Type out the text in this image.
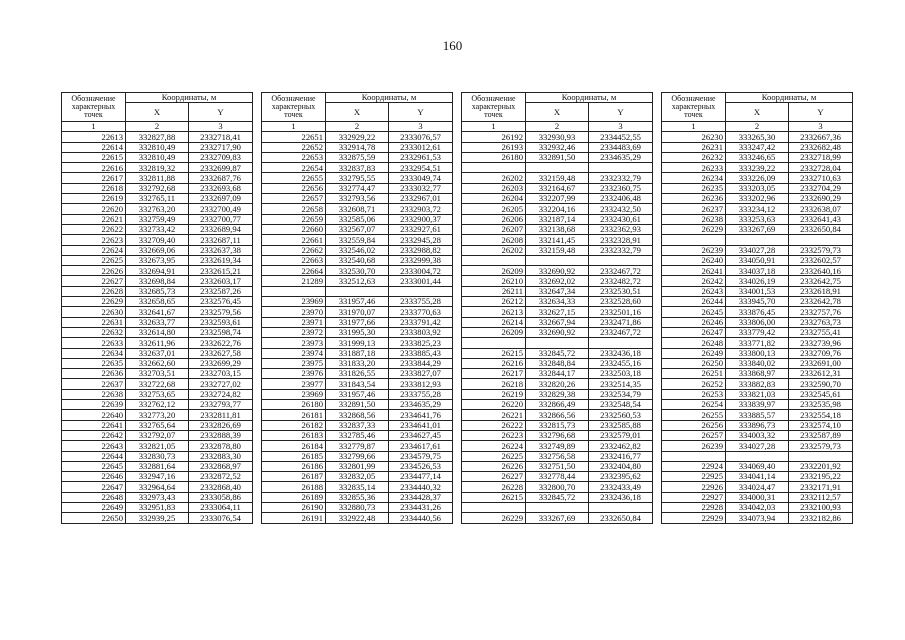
160
Обозначение характерных точек	Координаты, м	
	X	Y
1	2	3
22613	332827,88	2332718,41
22614	332810,49	2332717,90
22615	332810,49	2332709,83
22616	332819,32	2332699,87
22617	332811,88	2332687,76
22618	332792,68	2332693,68
22619	332765,11	2332697,09
22620	332763,20	2332700,49
22621	332759,49	2332700,77
22622	332733,42	2332689,94
22623	332709,40	2332687,11
22624	332669,06	2332637,38
22625	332673,95	2332619,34
22626	332694,91	2332615,21
22627	332698,84	2332603,17
22628	332685,73	2332587,26
22629	332658,65	2332576,45
22630	332641,67	2332579,56
22631	332633,77	2332593,61
22632	332614,80	2332598,74
22633	332611,96	2332622,76
22634	332637,01	2332627,58
22635	332662,60	2332699,29
22636	332703,51	2332703,15
22637	332722,68	2332727,02
22638	332753,65	2332724,82
22639	332762,12	2332793,77
22640	332773,20	2332811,81
22641	332765,64	2332826,69
22642	332792,07	2332888,39
22643	332821,05	2332878,80
22644	332830,73	2332883,30
22645	332881,64	2332868,97
22646	332947,16	2332872,52
22647	332964,64	2332868,40
22648	332973,43	2333058,86
22649	332951,83	2333064,11
22650	332939,25	2333076,54
Обозначение характерных точек	Координаты, м	
	X	Y
1	2	3
22651	332929,22	2333076,57
22652	332914,78	2333012,61
22653	332875,59	2332961,53
22654	332837,83	2332954,51
22655	332795,55	2333049,74
22656	332774,47	2333032,77
22657	332793,56	2332967,01
22658	332608,71	2332903,72
22659	332585,06	2332900,37
22660	332567,07	2332927,61
22661	332559,84	2332945,28
22662	332546,02	2332988,82
22663	332540,68	2332999,38
22664	332530,70	2333004,72
21289	332512,63	2333001,44

23969	331957,46	2333755,28
23970	331970,07	2333770,63
23971	331977,66	2333791,42
23972	331995,30	2333803,92
23973	331999,13	2333825,23
23974	331887,18	2333885,43
23975	331833,20	2333844,29
23976	331826,55	2333827,07
23977	331843,54	2333812,93
23969	331957,46	2333755,28
26180	332891,50	2334635,29
26181	332868,56	2334641,76
26182	332837,33	2334641,01
26183	332785,46	2334627,45
26184	332779,87	2334617,61
26185	332799,66	2334579,75
26186	332801,99	2334526,53
26187	332832,05	2334477,14
26188	332835,14	2334440,32
26189	332855,36	2334428,37
26190	332880,73	2334431,26
26191	332922,48	2334440,56
Обозначение характерных точек	Координаты, м	
	X	Y
1	2	3
26192	332930,93	2334452,55
26193	332932,46	2334483,69
26180	332891,50	2334635,29

26202	332159,48	2332332,79
26203	332164,67	2332360,75
26204	332207,99	2332406,48
26205	332204,16	2332432,50
26206	332187,14	2332430,61
26207	332138,68	2332362,93
26208	332141,45	2332328,91
26202	332159,48	2332332,79

26209	332690,92	2332467,72
26210	332692,02	2332482,72
26211	332647,34	2332530,51
26212	332634,33	2332528,60
26213	332627,15	2332501,16
26214	332667,94	2332471,86
26209	332690,92	2332467,72

26215	332845,72	2332436,18
26216	332848,84	2332455,16
26217	332844,17	2332503,18
26218	332820,26	2332514,35
26219	332829,38	2332534,79
26220	332866,49	2332548,54
26221	332866,56	2332560,53
26222	332815,73	2332585,88
26223	332796,68	2332579,01
26224	332749,89	2332462,82
26225	332756,58	2332416,77
26226	332751,50	2332404,80
26227	332778,44	2332395,62
26228	332800,70	2332433,49
26215	332845,72	2332436,18

26229	333267,69	2332650,84
Обозначение характерных точек	Координаты, м	
	X	Y
1	2	3
26230	333265,30	2332667,36
26231	333247,42	2332682,48
26232	333246,65	2332718,99
26233	333239,22	2332728,04
26234	333226,09	2332710,63
26235	333203,05	2332704,29
26236	333202,96	2332690,29
26237	333234,12	2332638,07
26238	333253,63	2332641,43
26229	333267,69	2332650,84

26239	334027,28	2332579,73
26240	334050,91	2332602,57
26241	334037,18	2332640,16
26242	334026,19	2332642,75
26243	334001,53	2332618,91
26244	333945,70	2332642,78
26245	333876,45	2332757,76
26246	333806,00	2332763,73
26247	333779,42	2332755,41
26248	333771,82	2332739,96
26249	333800,13	2332709,76
26250	333840,02	2332691,00
26251	333868,97	2332612,31
26252	333882,83	2332590,70
26253	333821,03	2332545,61
26254	333839,97	2332535,98
26255	333885,57	2332554,18
26256	333896,73	2332574,10
26257	334003,32	2332587,89
26239	334027,28	2332579,73

22924	334069,40	2332201,92
22925	334041,14	2332195,22
22926	334024,47	2332171,91
22927	334000,31	2332112,57
22928	334042,03	2332100,93
22929	334073,94	2332182,86
